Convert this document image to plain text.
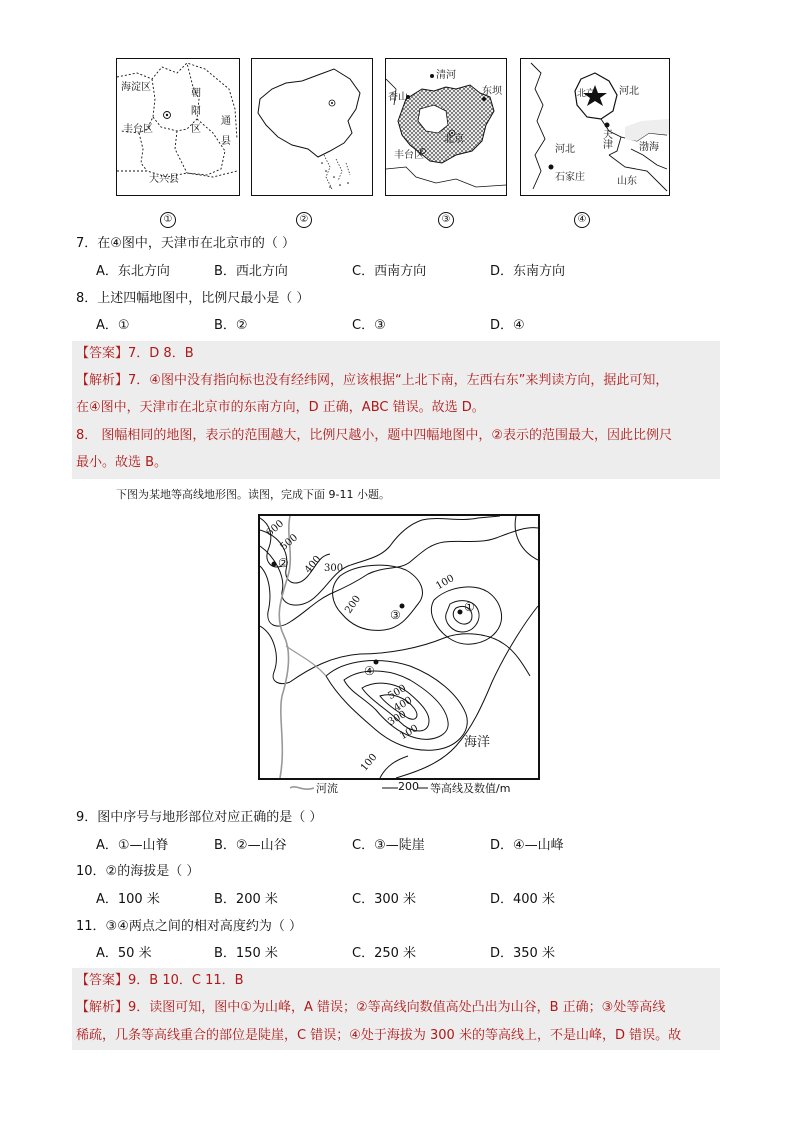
海淀区
朝
阳
区
通
县
丰台区
大兴县
清河
东坝
香山
北京
丰台区
北京 河北
天
津
河北	渤海
石家庄	山东
①	②	③	④
7．在④图中，天津市在北京市的（ ）
A．东北方向	B．西北方向	C．西南方向	D．东南方向
8．上述四幅地图中，比例尺最小是（ ）
A．①	B．②	C．③	D．④
【答案】7．D 8．B
【解析】7．④图中没有指向标也没有经纬网，应该根据“上北下南，左西右东”来判读方向，据此可知，
在④图中，天津市在北京市的东南方向，D 正确，ABC 错误。故选 D。
8． 图幅相同的地图，表示的范围越大，比例尺越小，题中四幅地图中，②表示的范围最大，因此比例尺
最小。故选 B。
下图为某地等高线地形图。读图，完成下面 9-11 小题。
600
500
400 300
200
100
500
400
300
100
100
①
②
③
④
海洋
河流	200 等高线及数值/m
9．图中序号与地形部位对应正确的是（ ）
A．①—山脊	B．②—山谷	C．③—陡崖	D．④—山峰
10．②的海拔是（ ）
A．100 米	B．200 米	C．300 米	D．400 米
11．③④两点之间的相对高度约为（ ）
A．50 米	B．150 米	C．250 米	D．350 米
【答案】9．B 10．C 11．B
【解析】9．读图可知，图中①为山峰，A 错误；②等高线向数值高处凸出为山谷，B 正确；③处等高线
稀疏，几条等高线重合的部位是陡崖，C 错误；④处于海拔为 300 米的等高线上，不是山峰，D 错误。故
